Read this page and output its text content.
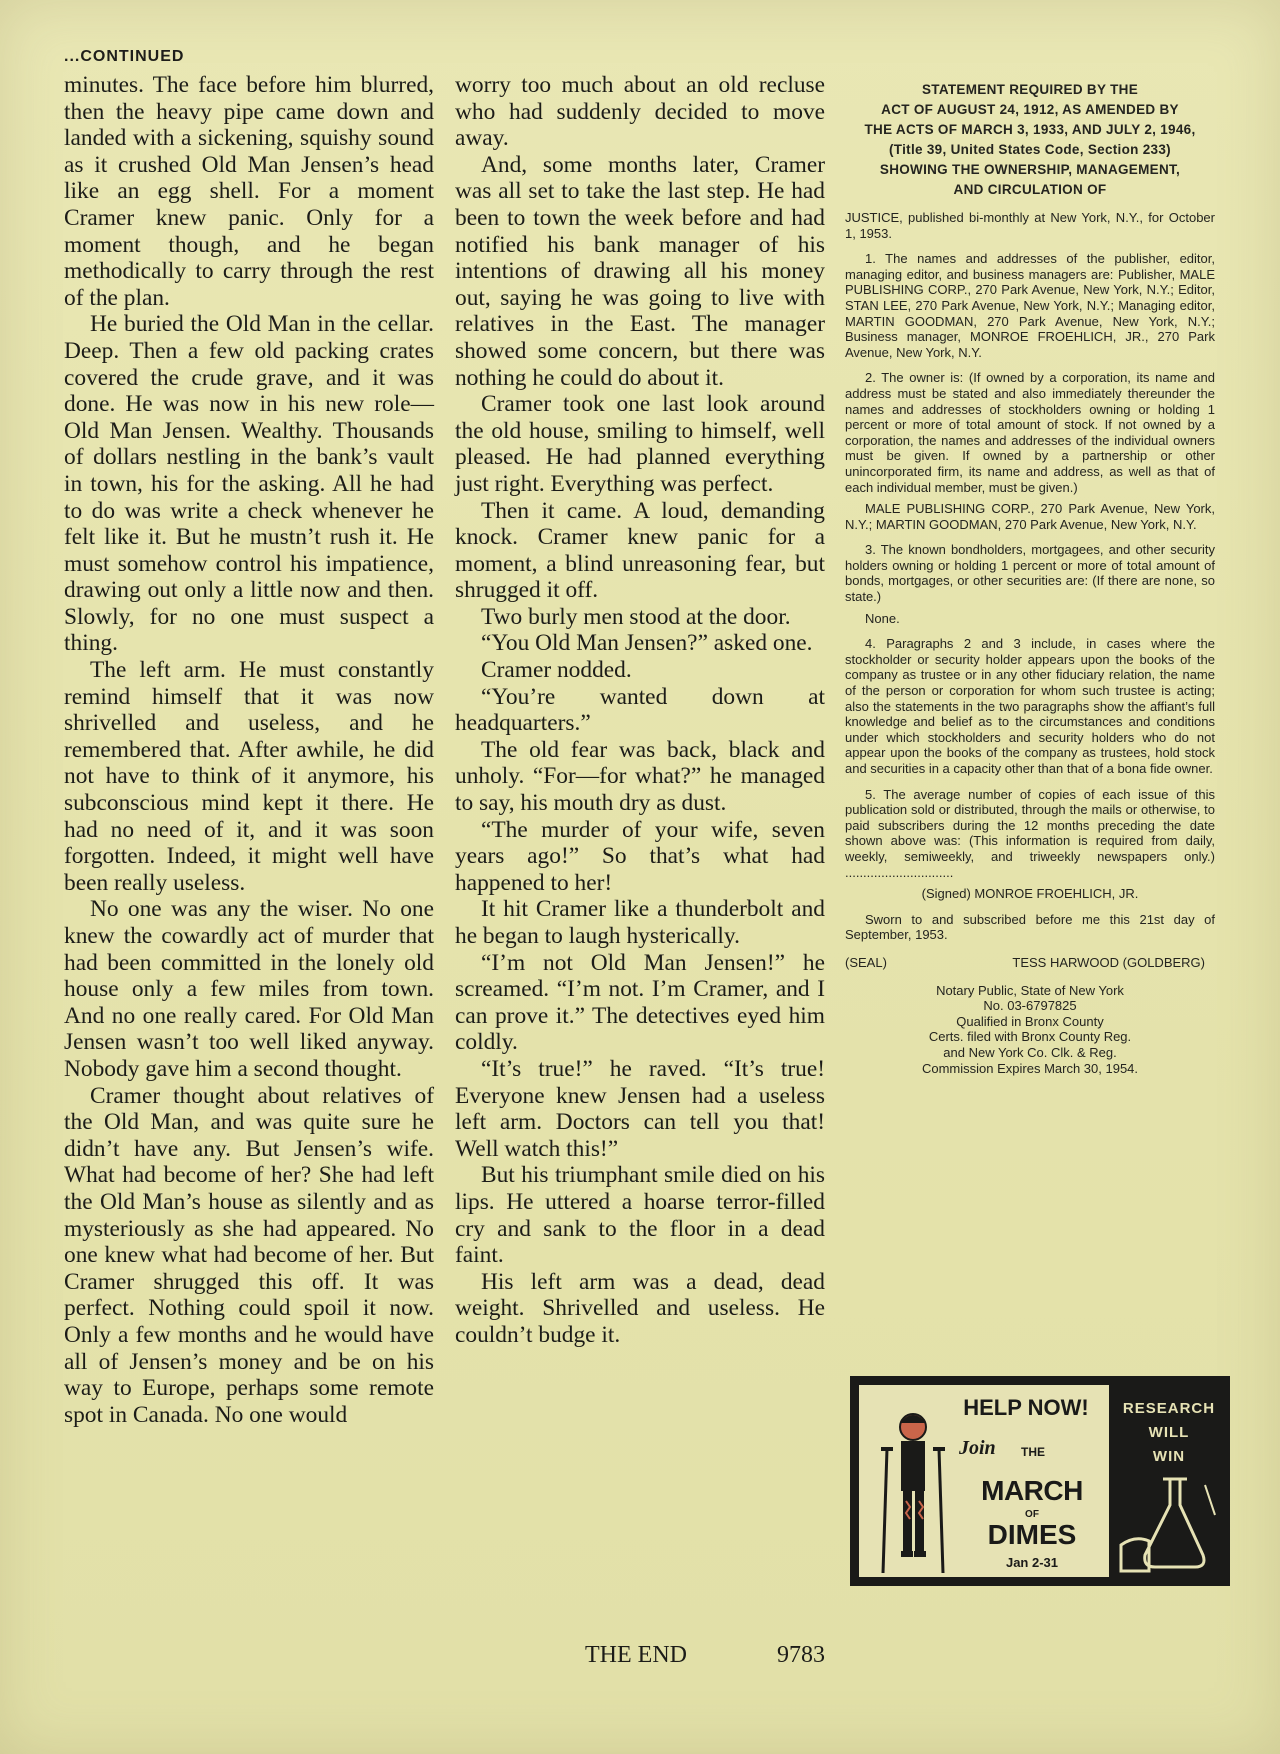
...CONTINUED

minutes. The face before him blurred, then the heavy pipe came down and landed with a sickening, squishy sound as it crushed Old Man Jensen’s head like an egg shell. For a moment Cramer knew panic. Only for a moment though, and he began methodically to carry through the rest of the plan.

He buried the Old Man in the cellar. Deep. Then a few old packing crates covered the crude grave, and it was done. He was now in his new role—Old Man Jensen. Wealthy. Thousands of dollars nestling in the bank’s vault in town, his for the asking. All he had to do was write a check whenever he felt like it. But he mustn’t rush it. He must somehow control his impatience, drawing out only a little now and then. Slowly, for no one must suspect a thing.

The left arm. He must constantly remind himself that it was now shrivelled and useless, and he remembered that. After awhile, he did not have to think of it anymore, his subconscious mind kept it there. He had no need of it, and it was soon forgotten. Indeed, it might well have been really useless.

No one was any the wiser. No one knew the cowardly act of murder that had been committed in the lonely old house only a few miles from town. And no one really cared. For Old Man Jensen wasn’t too well liked anyway. Nobody gave him a second thought.

Cramer thought about relatives of the Old Man, and was quite sure he didn’t have any. But Jensen’s wife. What had become of her? She had left the Old Man’s house as silently and as mysteriously as she had appeared. No one knew what had become of her. But Cramer shrugged this off. It was perfect. Nothing could spoil it now. Only a few months and he would have all of Jensen’s money and be on his way to Europe, perhaps some remote spot in Canada. No one would

worry too much about an old recluse who had suddenly decided to move away.

And, some months later, Cramer was all set to take the last step. He had been to town the week before and had notified his bank manager of his intentions of drawing all his money out, saying he was going to live with relatives in the East. The manager showed some concern, but there was nothing he could do about it.

Cramer took one last look around the old house, smiling to himself, well pleased. He had planned everything just right. Everything was perfect.

Then it came. A loud, demanding knock. Cramer knew panic for a moment, a blind unreasoning fear, but shrugged it off.

Two burly men stood at the door.

“You Old Man Jensen?” asked one.

Cramer nodded.

“You’re wanted down at headquarters.”

The old fear was back, black and unholy. “For—for what?” he managed to say, his mouth dry as dust.

“The murder of your wife, seven years ago!” So that’s what had happened to her!

It hit Cramer like a thunderbolt and he began to laugh hysterically.

“I’m not Old Man Jensen!” he screamed. “I’m not. I’m Cramer, and I can prove it.” The detectives eyed him coldly.

“It’s true!” he raved. “It’s true! Everyone knew Jensen had a useless left arm. Doctors can tell you that! Well watch this!”

But his triumphant smile died on his lips. He uttered a hoarse terror-filled cry and sank to the floor in a dead faint.

His left arm was a dead, dead weight. Shrivelled and useless. He couldn’t budge it.

THE END	9783
STATEMENT REQUIRED BY THE
ACT OF AUGUST 24, 1912, AS AMENDED BY
THE ACTS OF MARCH 3, 1933, AND JULY 2, 1946,
(Title 39, United States Code, Section 233)
SHOWING THE OWNERSHIP, MANAGEMENT,
AND CIRCULATION OF

JUSTICE, published bi-monthly at New York, N.Y., for October 1, 1953.

1. The names and addresses of the publisher, editor, managing editor, and business managers are: Publisher, MALE PUBLISHING CORP., 270 Park Avenue, New York, N.Y.; Editor, STAN LEE, 270 Park Avenue, New York, N.Y.; Managing editor, MARTIN GOODMAN, 270 Park Avenue, New York, N.Y.; Business manager, MONROE FROEHLICH, JR., 270 Park Avenue, New York, N.Y.

2. The owner is: (If owned by a corporation, its name and address must be stated and also immediately thereunder the names and addresses of stockholders owning or holding 1 percent or more of total amount of stock. If not owned by a corporation, the names and addresses of the individual owners must be given. If owned by a partnership or other unincorporated firm, its name and address, as well as that of each individual member, must be given.)

MALE PUBLISHING CORP., 270 Park Avenue, New York, N.Y.; MARTIN GOODMAN, 270 Park Avenue, New York, N.Y.

3. The known bondholders, mortgagees, and other security holders owning or holding 1 percent or more of total amount of bonds, mortgages, or other securities are: (If there are none, so state.)

None.

4. Paragraphs 2 and 3 include, in cases where the stockholder or security holder appears upon the books of the company as trustee or in any other fiduciary relation, the name of the person or corporation for whom such trustee is acting; also the statements in the two paragraphs show the affiant’s full knowledge and belief as to the circumstances and conditions under which stockholders and security holders who do not appear upon the books of the company as trustees, hold stock and securities in a capacity other than that of a bona fide owner.

5. The average number of copies of each issue of this publication sold or distributed, through the mails or otherwise, to paid subscribers during the 12 months preceding the date shown above was: (This information is required from daily, weekly, semiweekly, and triweekly newspapers only.) ..............................

(Signed) MONROE FROEHLICH, JR.

Sworn to and subscribed before me this 21st day of September, 1953.

(SEAL)	TESS HARWOOD (GOLDBERG)
Notary Public, State of New York
No. 03-6797825
Qualified in Bronx County
Certs. filed with Bronx County Reg.
and New York Co. Clk. & Reg.
Commission Expires March 30, 1954.
HELP NOW!
Join THE
MARCH
OF
DIMES
Jan 2-31
RESEARCH
WILL
WIN
